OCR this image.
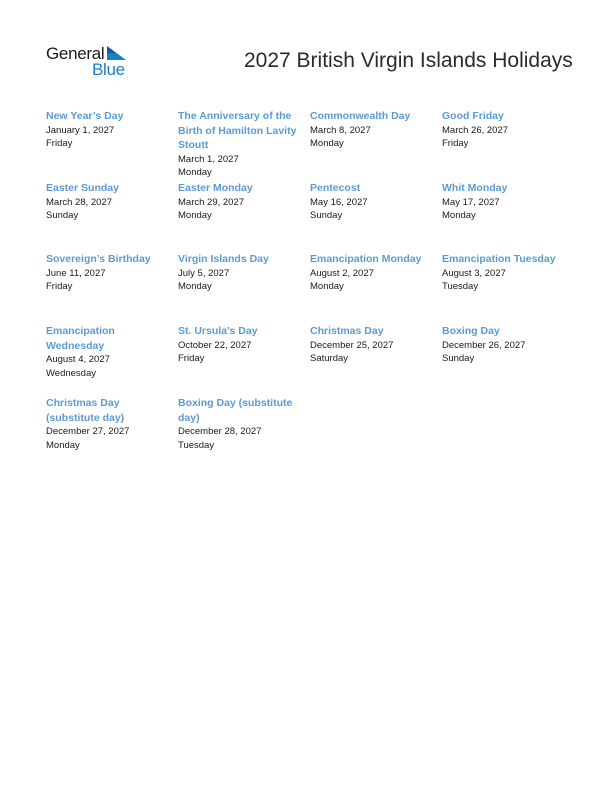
General
Blue	2027 British Virgin Islands Holidays
New Year’s Day
January 1, 2027
Friday
The Anniversary of the Birth of Hamilton Lavity Stoutt
March 1, 2027
Monday
Commonwealth Day
March 8, 2027
Monday
Good Friday
March 26, 2027
Friday
Easter Sunday
March 28, 2027
Sunday
Easter Monday
March 29, 2027
Monday
Pentecost
May 16, 2027
Sunday
Whit Monday
May 17, 2027
Monday
Sovereign’s Birthday
June 11, 2027
Friday
Virgin Islands Day
July 5, 2027
Monday
Emancipation Monday
August 2, 2027
Monday
Emancipation Tuesday
August 3, 2027
Tuesday
Emancipation Wednesday
August 4, 2027
Wednesday
St. Ursula’s Day
October 22, 2027
Friday
Christmas Day
December 25, 2027
Saturday
Boxing Day
December 26, 2027
Sunday
Christmas Day (substitute day)
December 27, 2027
Monday
Boxing Day (substitute day)
December 28, 2027
Tuesday
